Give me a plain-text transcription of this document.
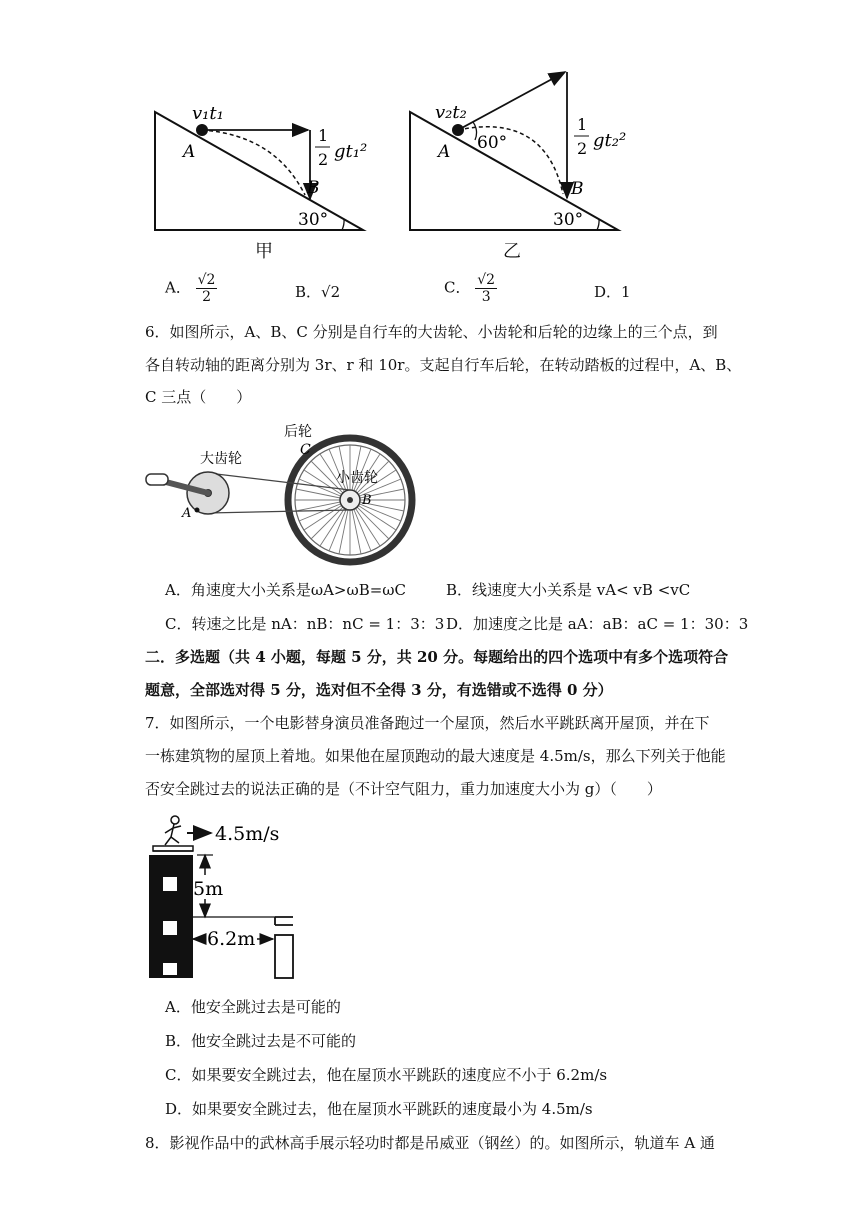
v₁t₁
A
B
1
2 gt₁²
30°
甲
v₂t₂
A 60°
B
1
2 gt₂²
30°
乙
A． $\frac{√2}{2}$	B．√2	C． $\frac{√2}{3}$	D．1
6．如图所示，A、B、C 分别是自行车的大齿轮、小齿轮和后轮的边缘上的三个点，到
各自转动轴的距离分别为 3r、r 和 10r。支起自行车后轮，在转动踏板的过程中，A、B、
C 三点（　　）
后轮
C
大齿轮
小齿轮
A
B
A．角速度大小关系是ωA>ωB=ωC	B．线速度大小关系是 vA< vB <vC
C．转速之比是 nA：nB：nC = 1：3：3 D．加速度之比是 aA：aB：aC = 1：30：3
二．多选题（共 4 小题，每题 5 分，共 20 分。每题给出的四个选项中有多个选项符合
题意，全部选对得 5 分，选对但不全得 3 分，有选错或不选得 0 分）
7．如图所示，一个电影替身演员准备跑过一个屋顶，然后水平跳跃离开屋顶，并在下
一栋建筑物的屋顶上着地。如果他在屋顶跑动的最大速度是 4.5m/s，那么下列关于他能
否安全跳过去的说法正确的是（不计空气阻力，重力加速度大小为 g）（　　）
4.5m/s
5m
6.2m
A．他安全跳过去是可能的
B．他安全跳过去是不可能的
C．如果要安全跳过去，他在屋顶水平跳跃的速度应不小于 6.2m/s
D．如果要安全跳过去，他在屋顶水平跳跃的速度最小为 4.5m/s
8．影视作品中的武林高手展示轻功时都是吊威亚（钢丝）的。如图所示，轨道车 A 通
